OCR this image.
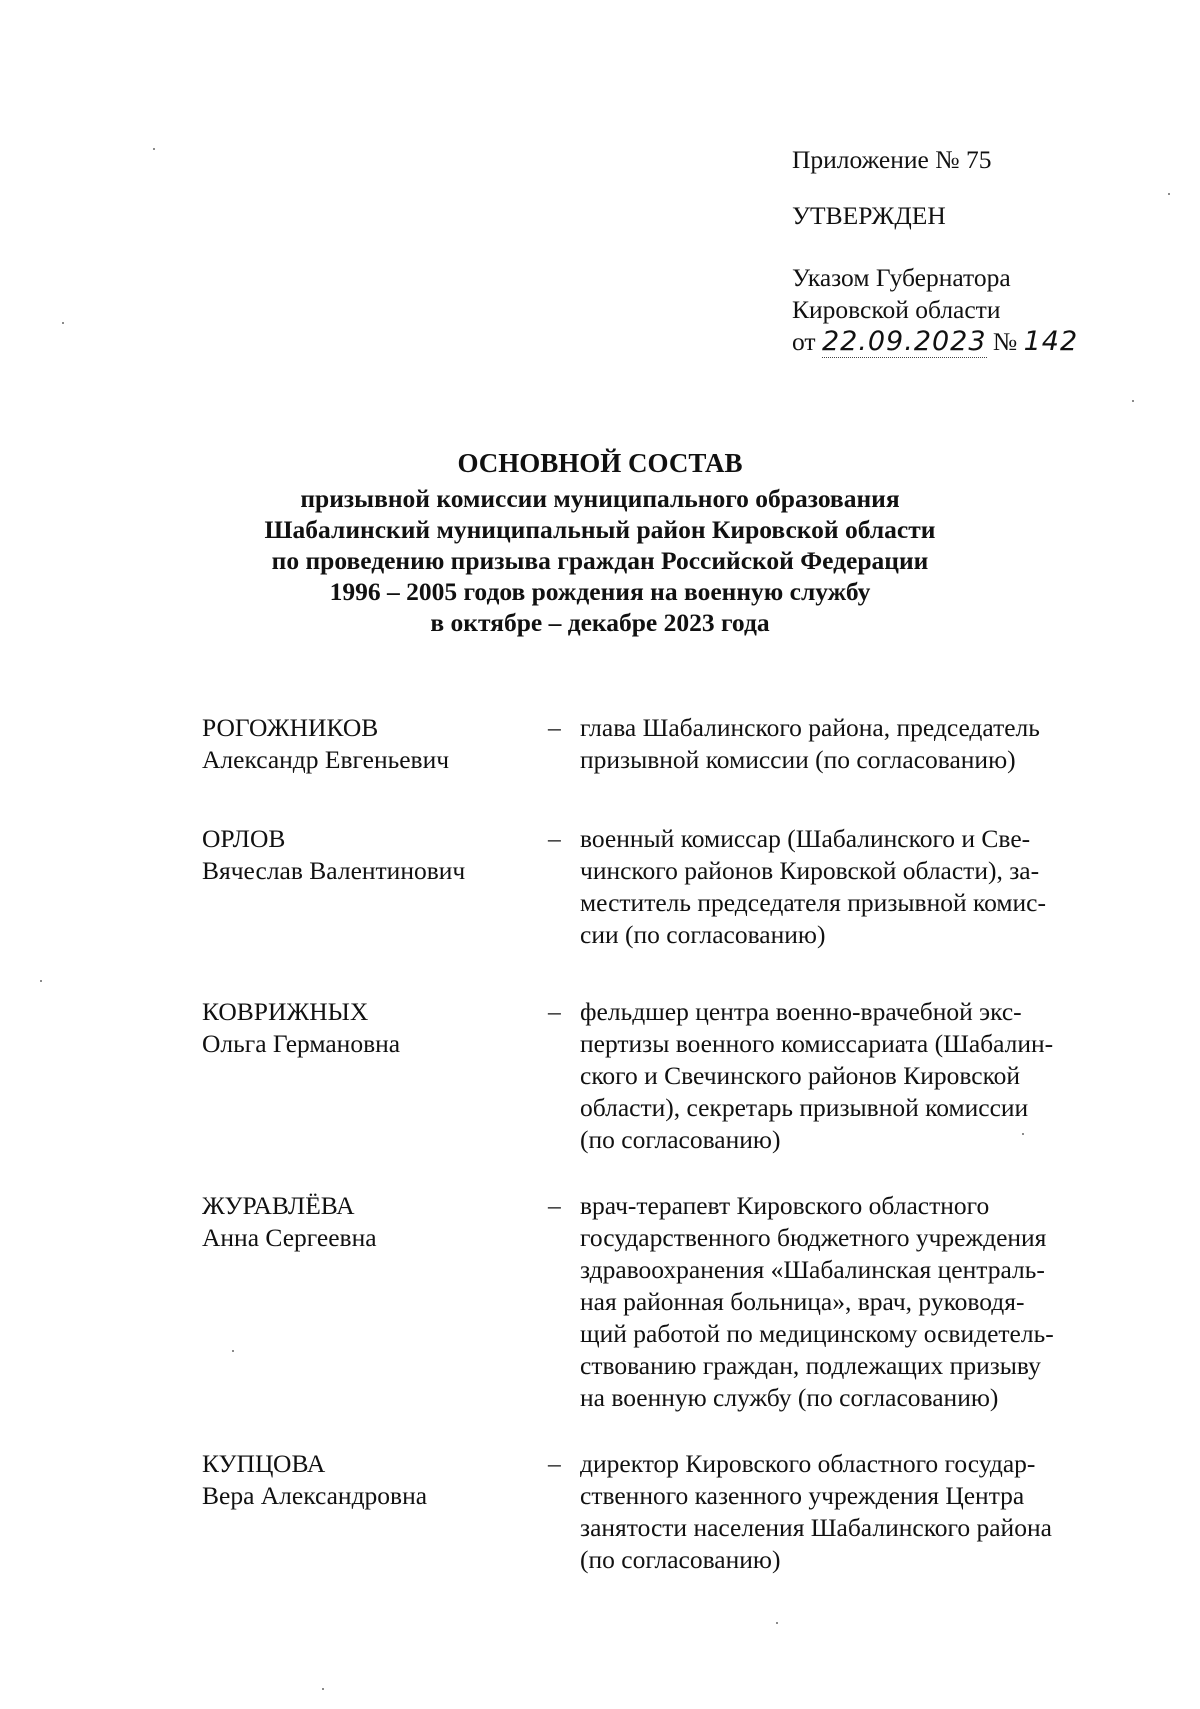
Приложение № 75
УТВЕРЖДЕН
Указом Губернатора
Кировской области
от 22.09.2023 № 142
ОСНОВНОЙ СОСТАВ
призывной комиссии муниципального образования
Шабалинский муниципальный район Кировской области
по проведению призыва граждан Российской Федерации
1996 – 2005 годов рождения на военную службу
в октябре – декабре 2023 года
РОГОЖНИКОВ
Александр Евгеньевич
– глава Шабалинского района, председатель
призывной комиссии (по согласованию)
ОРЛОВ
Вячеслав Валентинович
– военный комиссар (Шабалинского и Све-
чинского районов Кировской области), за-
меститель председателя призывной комис-
сии (по согласованию)
КОВРИЖНЫХ
Ольга Германовна
– фельдшер центра военно-врачебной экс-
пертизы военного комиссариата (Шабалин-
ского и Свечинского районов Кировской
области), секретарь призывной комиссии
(по согласованию)
ЖУРАВЛЁВА
Анна Сергеевна
– врач-терапевт Кировского областного
государственного бюджетного учреждения
здравоохранения «Шабалинская централь-
ная районная больница», врач, руководя-
щий работой по медицинскому освидетель-
ствованию граждан, подлежащих призыву
на военную службу (по согласованию)
КУПЦОВА
Вера Александровна
– директор Кировского областного государ-
ственного казенного учреждения Центра
занятости населения Шабалинского района
(по согласованию)
